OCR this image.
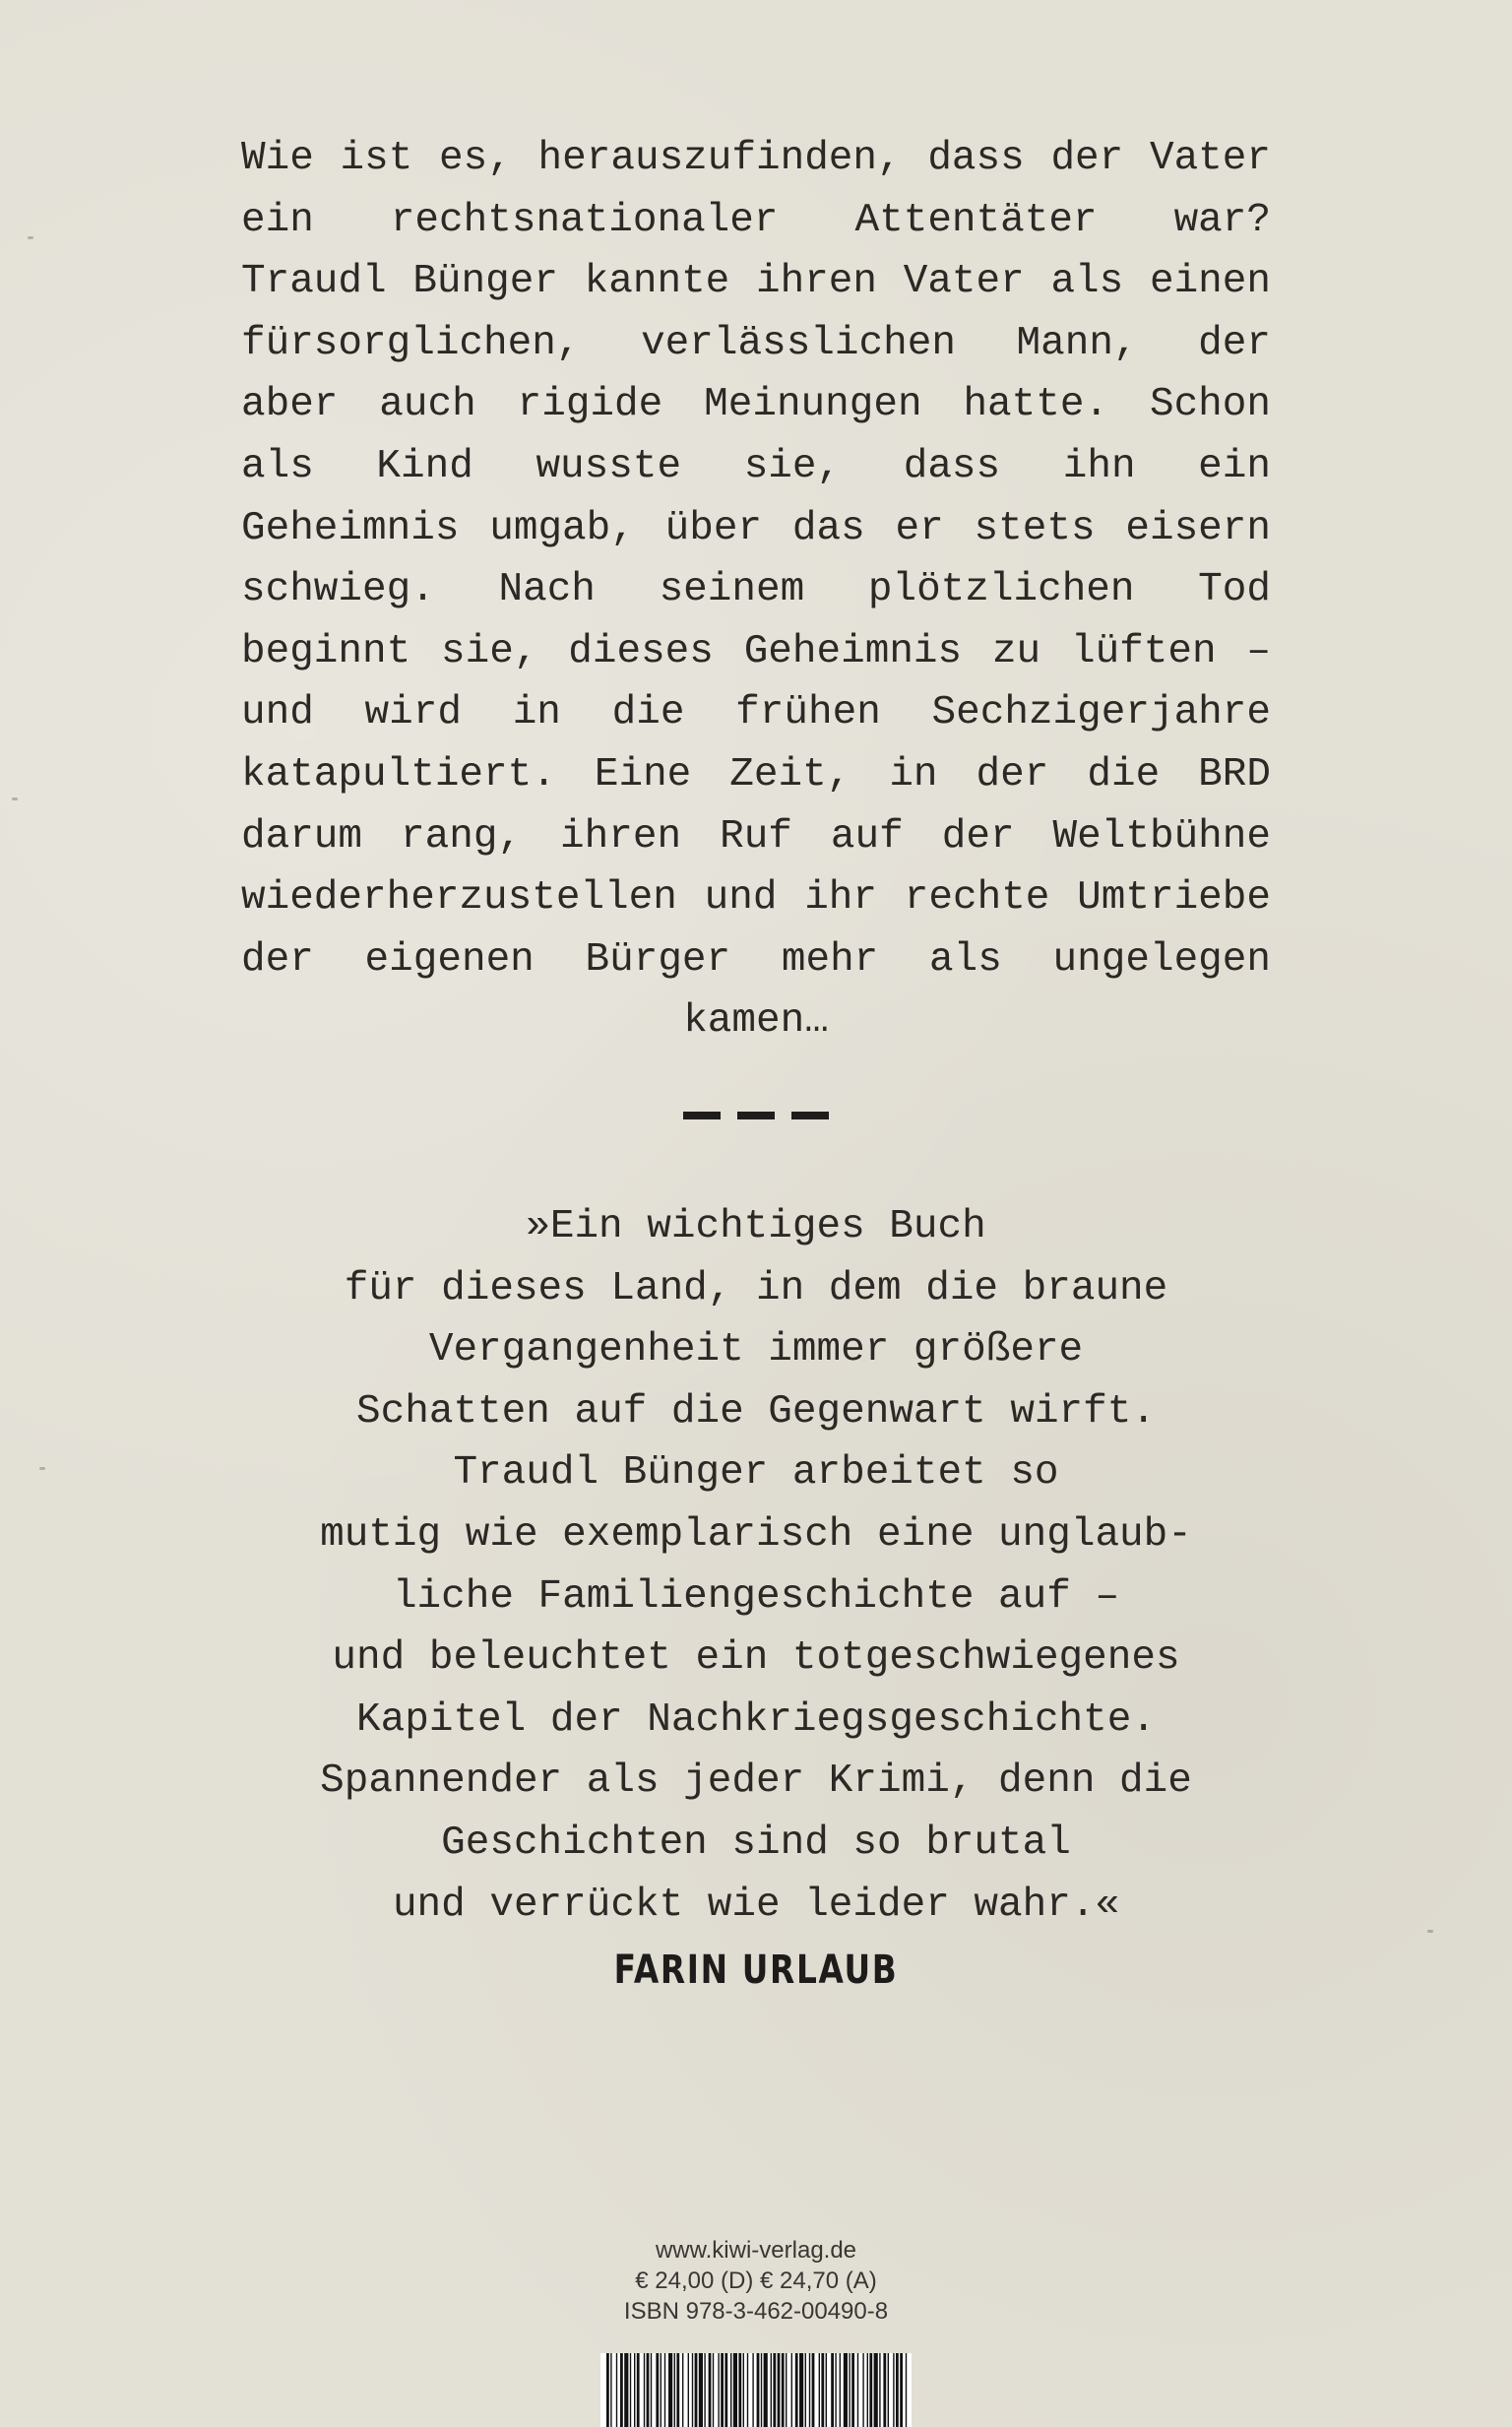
Wie ist es, herauszufinden, dass der Vater ein rechtsnationaler Attentäter war? Traudl Bünger kannte ihren Vater als einen fürsorglichen, verlässlichen Mann, der aber auch rigide Meinungen hatte. Schon als Kind wusste sie, dass ihn ein Geheimnis umgab, über das er stets eisern schwieg. Nach seinem plötzlichen Tod beginnt sie, dieses Geheimnis zu lüften – und wird in die frühen Sechzigerjahre katapultiert. Eine Zeit, in der die BRD darum rang, ihren Ruf auf der Weltbühne wiederherzustellen und ihr rechte Umtriebe der eigenen Bürger mehr als ungelegen kamen…

»Ein wichtiges Buch
für dieses Land, in dem die braune
Vergangenheit immer größere
Schatten auf die Gegenwart wirft.
Traudl Bünger arbeitet so
mutig wie exemplarisch eine unglaub-
liche Familiengeschichte auf –
und beleuchtet ein totgeschwiegenes
Kapitel der Nachkriegsgeschichte.
Spannender als jeder Krimi, denn die
Geschichten sind so brutal
und verrückt wie leider wahr.«
FARIN URLAUB
www.kiwi-verlag.de
€ 24,00 (D) € 24,70 (A)
ISBN 978-3-462-00490-8
